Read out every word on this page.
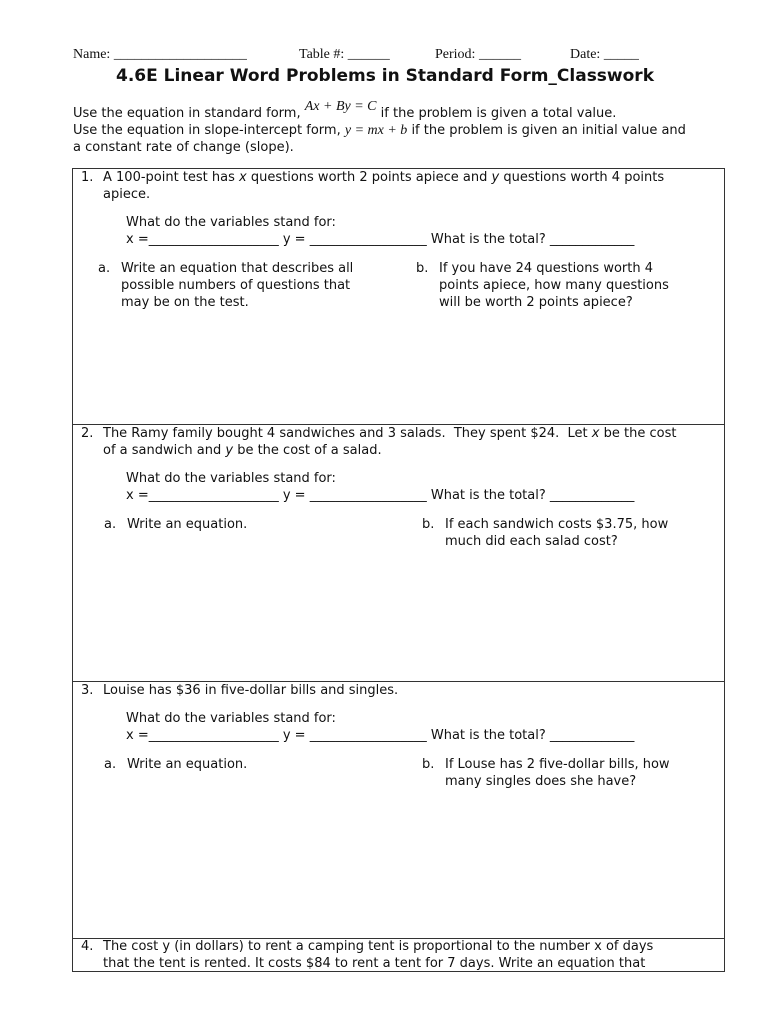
Name: ___________________	Table #: ______	Period: ______	Date: _____
4.6E Linear Word Problems in Standard Form_Classwork
Use the equation in standard form, Ax + By = C if the problem is given a total value.
Use the equation in slope-intercept form, y = mx + b if the problem is given an initial value and
a constant rate of change (slope).
1. A 100-point test has x questions worth 2 points apiece and y questions worth 4 points
apiece.
What do the variables stand for:
x =____________________ y = __________________ What is the total? _____________
a. Write an equation that describes all
possible numbers of questions that
may be on the test.
b. If you have 24 questions worth 4
points apiece, how many questions
will be worth 2 points apiece?
2. The Ramy family bought 4 sandwiches and 3 salads.  They spent $24.  Let x be the cost
of a sandwich and y be the cost of a salad.
What do the variables stand for:
x =____________________ y = __________________ What is the total? _____________
a. Write an equation.	b. If each sandwich costs $3.75, how
much did each salad cost?
3. Louise has $36 in five-dollar bills and singles.
What do the variables stand for:
x =____________________ y = __________________ What is the total? _____________
a. Write an equation.	b. If Louse has 2 five-dollar bills, how
many singles does she have?
4. The cost y (in dollars) to rent a camping tent is proportional to the number x of days
that the tent is rented. It costs $84 to rent a tent for 7 days. Write an equation that
